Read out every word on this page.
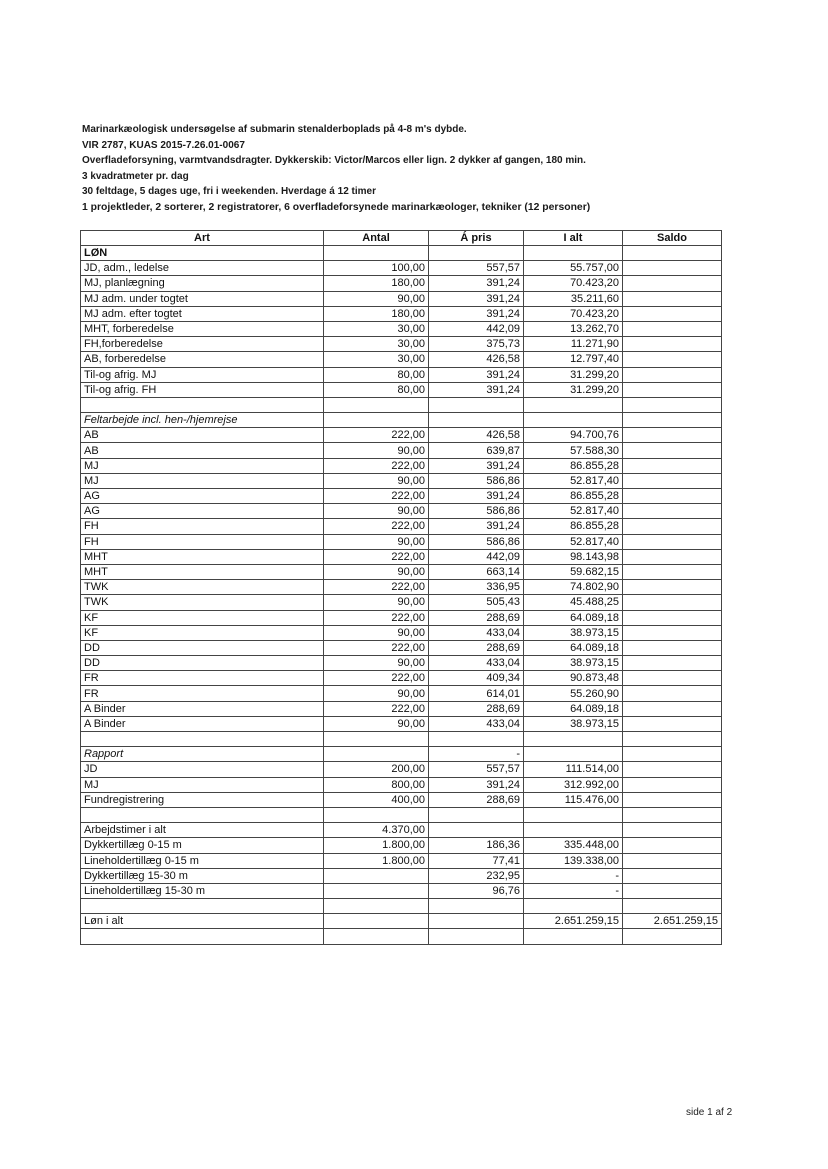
Marinarkæologisk undersøgelse af submarin stenalderboplads på 4-8 m's dybde.
VIR 2787, KUAS 2015-7.26.01-0067
Overfladeforsyning, varmtvandsdragter. Dykkerskib: Victor/Marcos eller lign. 2 dykker af gangen, 180 min.
3 kvadratmeter pr. dag
30 feltdage, 5 dages uge, fri i weekenden. Hverdage á 12 timer
1 projektleder, 2 sorterer, 2 registratorer, 6 overfladeforsynede marinarkæologer, tekniker (12 personer)
Art	Antal	Á pris	I alt	Saldo
LØN				
JD, adm., ledelse	100,00	557,57	55.757,00	
MJ, planlægning	180,00	391,24	70.423,20	
MJ adm. under togtet	90,00	391,24	35.211,60	
MJ adm. efter togtet	180,00	391,24	70.423,20	
MHT, forberedelse	30,00	442,09	13.262,70	
FH,forberedelse	30,00	375,73	11.271,90	
AB, forberedelse	30,00	426,58	12.797,40	
Til-og afrig. MJ	80,00	391,24	31.299,20	
Til-og afrig. FH	80,00	391,24	31.299,20	

Feltarbejde incl. hen-/hjemrejse				
AB	222,00	426,58	94.700,76	
AB	90,00	639,87	57.588,30	
MJ	222,00	391,24	86.855,28	
MJ	90,00	586,86	52.817,40	
AG	222,00	391,24	86.855,28	
AG	90,00	586,86	52.817,40	
FH	222,00	391,24	86.855,28	
FH	90,00	586,86	52.817,40	
MHT	222,00	442,09	98.143,98	
MHT	90,00	663,14	59.682,15	
TWK	222,00	336,95	74.802,90	
TWK	90,00	505,43	45.488,25	
KF	222,00	288,69	64.089,18	
KF	90,00	433,04	38.973,15	
DD	222,00	288,69	64.089,18	
DD	90,00	433,04	38.973,15	
FR	222,00	409,34	90.873,48	
FR	90,00	614,01	55.260,90	
A Binder	222,00	288,69	64.089,18	
A Binder	90,00	433,04	38.973,15	

Rapport		-		
JD	200,00	557,57	111.514,00	
MJ	800,00	391,24	312.992,00	
Fundregistrering	400,00	288,69	115.476,00	

Arbejdstimer i alt	4.370,00			
Dykkertillæg 0-15 m	1.800,00	186,36	335.448,00	
Lineholdertillæg 0-15 m	1.800,00	77,41	139.338,00	
Dykkertillæg 15-30 m		232,95	-	
Lineholdertillæg 15-30 m		96,76	-	

Løn i alt			2.651.259,15	2.651.259,15

side 1 af 2
